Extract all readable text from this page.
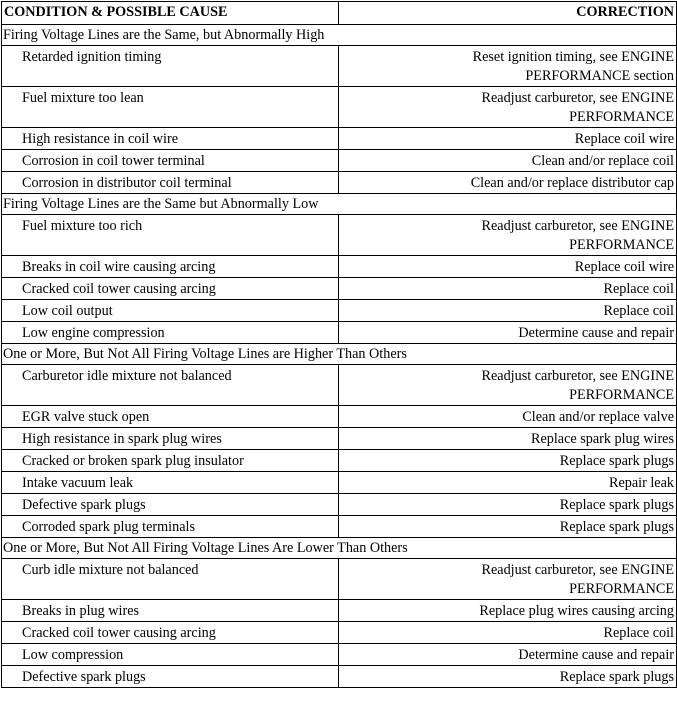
CONDITION & POSSIBLE CAUSE	CORRECTION
Firing Voltage Lines are the Same, but Abnormally High	
Retarded ignition timing	Reset ignition timing, see ENGINE
PERFORMANCE section

Fuel mixture too lean	Readjust carburetor, see ENGINE
PERFORMANCE

High resistance in coil wire	Replace coil wire

Corrosion in coil tower terminal	Clean and/or replace coil

Corrosion in distributor coil terminal	Clean and/or replace distributor cap

Firing Voltage Lines are the Same but Abnormally Low	
Fuel mixture too rich	Readjust carburetor, see ENGINE
PERFORMANCE

Breaks in coil wire causing arcing	Replace coil wire

Cracked coil tower causing arcing	Replace coil

Low coil output	Replace coil

Low engine compression	Determine cause and repair

One or More, But Not All Firing Voltage Lines are Higher Than Others	
Carburetor idle mixture not balanced	Readjust carburetor, see ENGINE
PERFORMANCE

EGR valve stuck open	Clean and/or replace valve

High resistance in spark plug wires	Replace spark plug wires

Cracked or broken spark plug insulator	Replace spark plugs

Intake vacuum leak	Repair leak

Defective spark plugs	Replace spark plugs

Corroded spark plug terminals	Replace spark plugs

One or More, But Not All Firing Voltage Lines Are Lower Than Others	
Curb idle mixture not balanced	Readjust carburetor, see ENGINE
PERFORMANCE

Breaks in plug wires	Replace plug wires causing arcing

Cracked coil tower causing arcing	Replace coil

Low compression	Determine cause and repair

Defective spark plugs	Replace spark plugs
